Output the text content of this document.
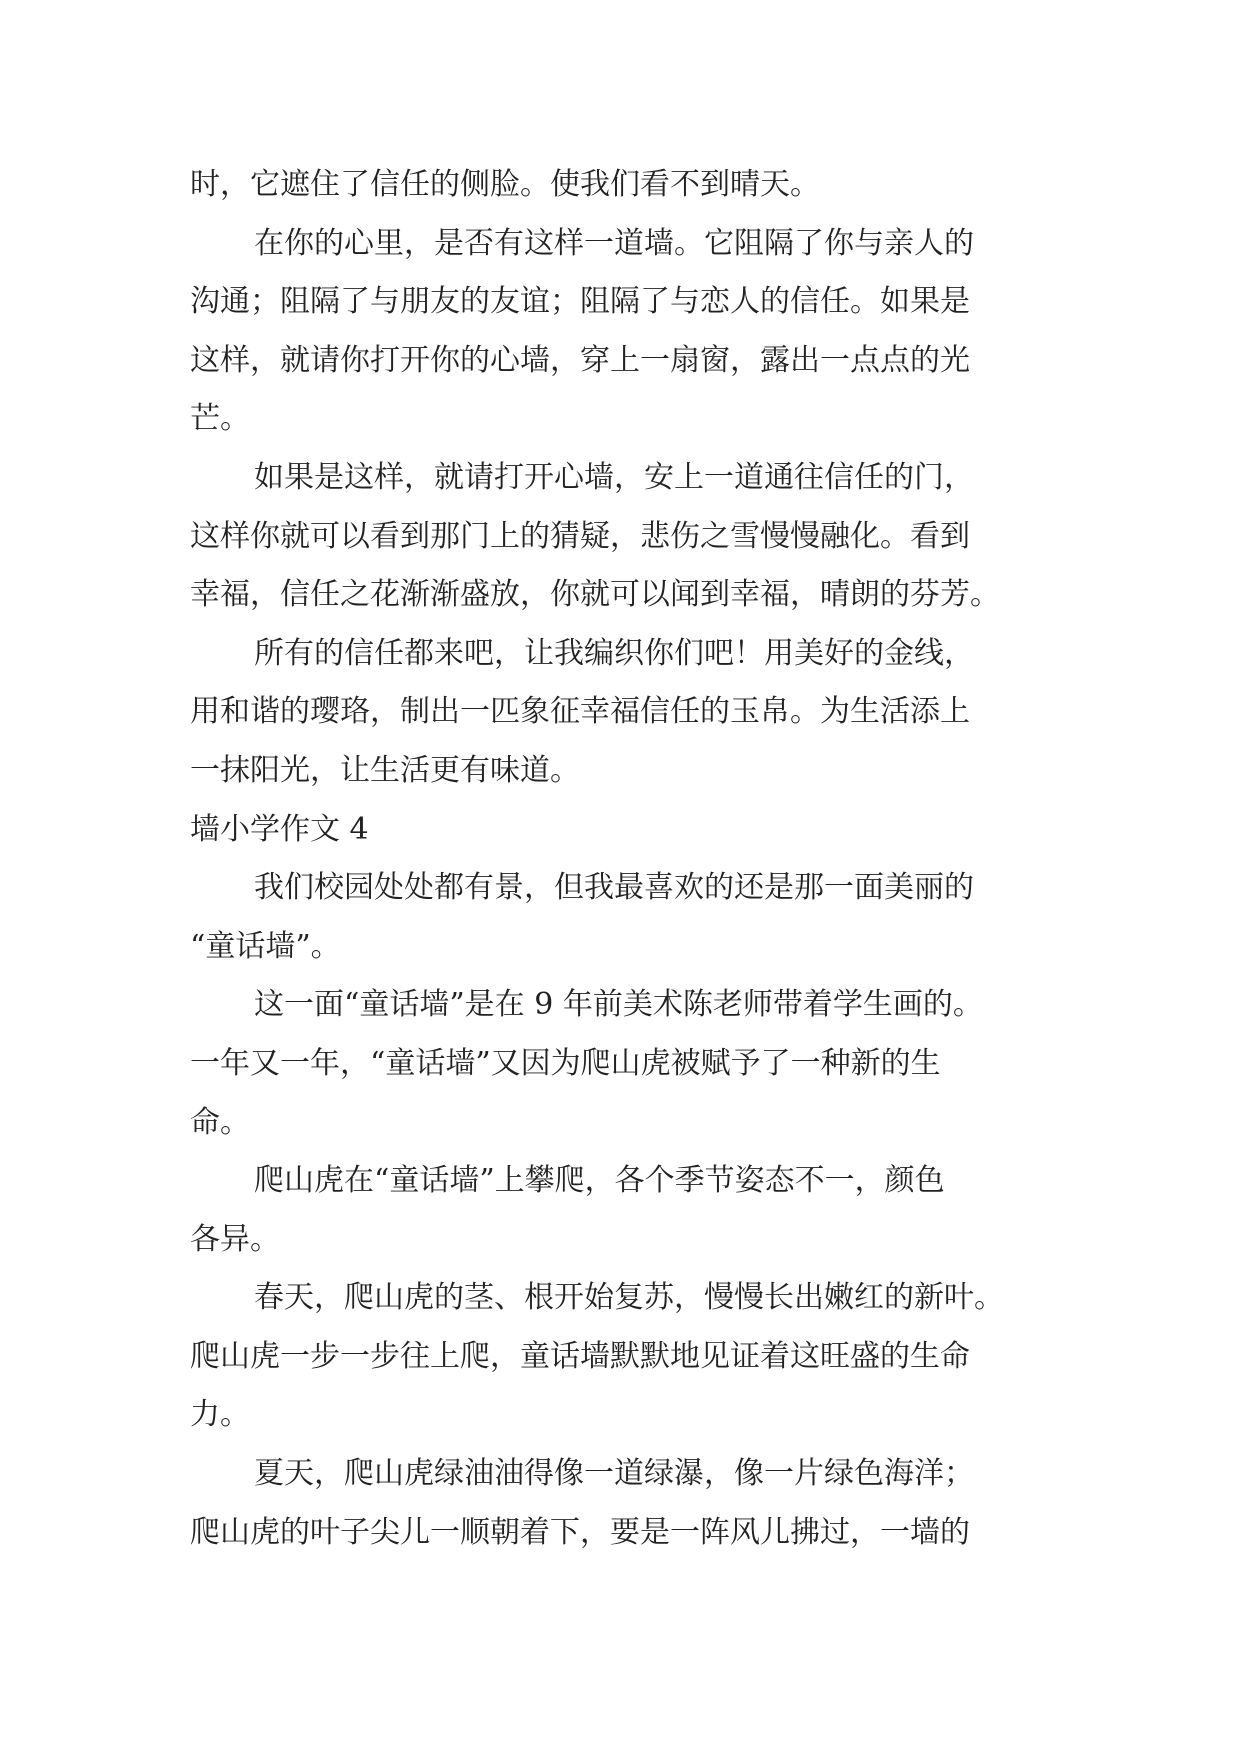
时，它遮住了信任的侧脸。使我们看不到晴天。
在你的心里，是否有这样一道墙。它阻隔了你与亲人的
沟通；阻隔了与朋友的友谊；阻隔了与恋人的信任。如果是
这样，就请你打开你的心墙，穿上一扇窗，露出一点点的光
芒。
如果是这样，就请打开心墙，安上一道通往信任的门，
这样你就可以看到那门上的猜疑，悲伤之雪慢慢融化。看到
幸福，信任之花渐渐盛放，你就可以闻到幸福，晴朗的芬芳。
所有的信任都来吧，让我编织你们吧！用美好的金线，
用和谐的璎珞，制出一匹象征幸福信任的玉帛。为生活添上
一抹阳光，让生活更有味道。
墙小学作文 4
我们校园处处都有景，但我最喜欢的还是那一面美丽的
“童话墙”。
这一面“童话墙”是在 9 年前美术陈老师带着学生画的。
一年又一年，“童话墙”又因为爬山虎被赋予了一种新的生
命。
爬山虎在“童话墙”上攀爬，各个季节姿态不一，颜色
各异。
春天，爬山虎的茎、根开始复苏，慢慢长出嫩红的新叶。
爬山虎一步一步往上爬，童话墙默默地见证着这旺盛的生命
力。
夏天，爬山虎绿油油得像一道绿瀑，像一片绿色海洋；
爬山虎的叶子尖儿一顺朝着下，要是一阵风儿拂过，一墙的
